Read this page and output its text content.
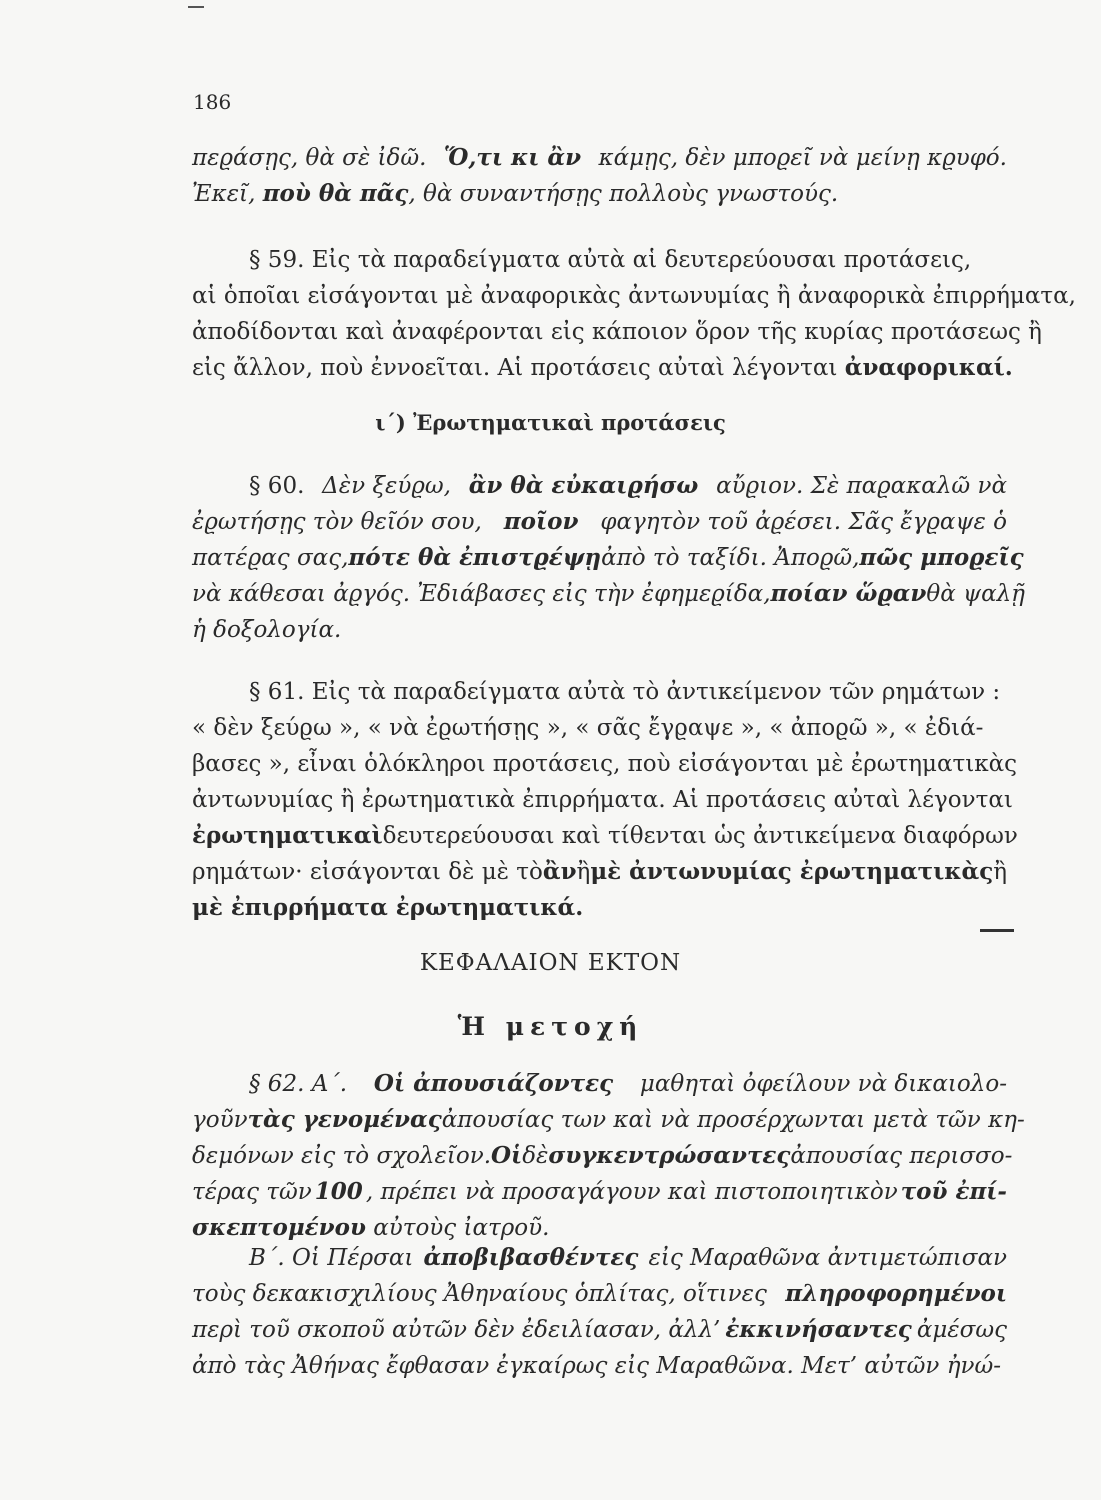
186
πεϱάσῃς, θὰ σὲ ἰδῶ. Ὅ,τι κι ἂν κάμῃς, δὲν μποϱεῖ νὰ μείνῃ κϱυφό.
Ἐκεῖ, ποὺ θὰ πᾶς, θὰ συναντήσῃς πολλοὺς γνωστούς.
§ 59. Εἰς τὰ παραδείγματα αὐτὰ αἱ δευτερεύουσαι προτάσεις,
αἱ ὁποῖαι εἰσάγονται μὲ ἀναφορικὰς ἀντωνυμίας ἢ ἀναφορικὰ ἐπιρρήματα,
ἀποδίδονται καὶ ἀναφέρονται εἰς κάποιον ὅρον τῆς κυρίας προτάσεως ἢ
εἰς ἄλλον, ποὺ ἐννοεῖται. Αἱ προτάσεις αὐταὶ λέγονται ἀναφορικαί.
ι΄) Ἐρωτηματικαὶ προτάσεις
§ 60. Δὲν ξεύϱω, ἂν θὰ εὐκαιϱήσω αὔϱιον. Σὲ παϱακαλῶ νὰ
ἐϱωτήσῃς τὸν θεῖόν σου, ποῖον φαγητὸν τοῦ ἀϱέσει. Σᾶς ἔγϱαψε ὁ
πατέϱας σας, πότε θὰ ἐπιστϱέψῃ ἀπὸ τὸ ταξίδι. Ἀποϱῶ, πῶς μποϱεῖς
νὰ κάθεσαι ἀϱγός. Ἐδιάβασες εἰς τὴν ἐφημεϱίδα, ποίαν ὥϱαν θὰ ψαλῇ
ἡ δοξολογία.
§ 61. Εἰς τὰ παραδείγματα αὐτὰ τὸ ἀντικείμενον τῶν ρημάτων :
« δὲν ξεύϱω », « νὰ ἐϱωτήσῃς », « σᾶς ἔγϱαψε », « ἀποϱῶ », « ἐδιά-
βασες », εἶναι ὁλόκληροι προτάσεις, ποὺ εἰσάγονται μὲ ἐρωτηματικὰς
ἀντωνυμίας ἢ ἐρωτηματικὰ ἐπιρρήματα. Αἱ προτάσεις αὐταὶ λέγονται
ἐρωτηματικαὶ δευτερεύουσαι καὶ τίθενται ὡς ἀντικείμενα διαφόρων
ρημάτων· εἰσάγονται δὲ μὲ τὸ ἂν ἢ μὲ ἀντωνυμίας ἐρωτηματικὰς ἢ
μὲ ἐπιρρήματα ἐρωτηματικά.
ΚΕΦΑΛΑΙΟΝ ΕΚΤΟΝ
Ἡ μετοχή
§ 62. Α΄. Οἱ ἀπουσιάζοντες μαθηταὶ ὀφείλουν νὰ δικαιολο-
γοῦν τὰς γενομένας ἀπουσίας των καὶ νὰ προσέρχωνται μετὰ τῶν κη-
δεμόνων εἰς τὸ σχολεῖον. Οἱ δὲ συγκεντρώσαντες ἀπουσίας περισσο-
τέρας τῶν 100 , πρέπει νὰ προσαγάγουν καὶ πιστοποιητικὸν τοῦ ἐπί-
σκεπτομένου αὐτοὺς ἰατροῦ.
Β΄. Οἱ Πέρσαι ἀποβιβασθέντες εἰς Μαραθῶνα ἀντιμετώπισαν
τοὺς δεκακισχιλίους Ἀθηναίους ὁπλίτας, οἵτινες πληροφορημένοι
περὶ τοῦ σκοποῦ αὐτῶν δὲν ἐδειλίασαν, ἀλλ’ ἐκκινήσαντες ἀμέσως
ἀπὸ τὰς Ἀθήνας ἔφθασαν ἐγκαίρως εἰς Μαραθῶνα. Μετ’ αὐτῶν ἠνώ-
